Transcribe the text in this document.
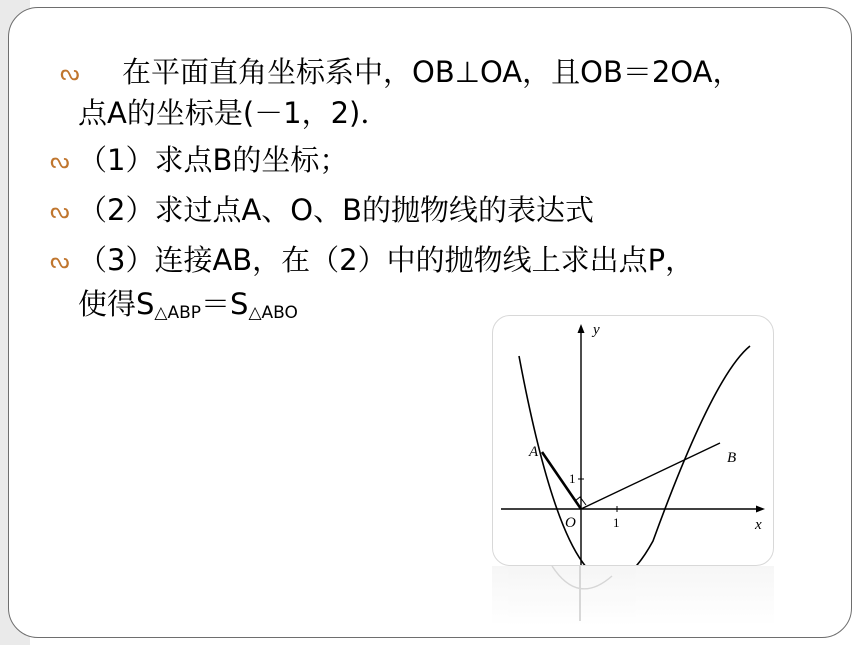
ᔓ 在平面直角坐标系中，OB⊥OA，且OB＝2OA，
点A的坐标是(－1，2)．
ᔓ （1）求点B的坐标；
ᔓ （2）求过点A、O、B的抛物线的表达式
ᔓ （3）连接AB，在（2）中的抛物线上求出点P，
使得$S_{\triangle ABP}=S_{\triangle ABO}$
y
x
O	1
1
A	B
